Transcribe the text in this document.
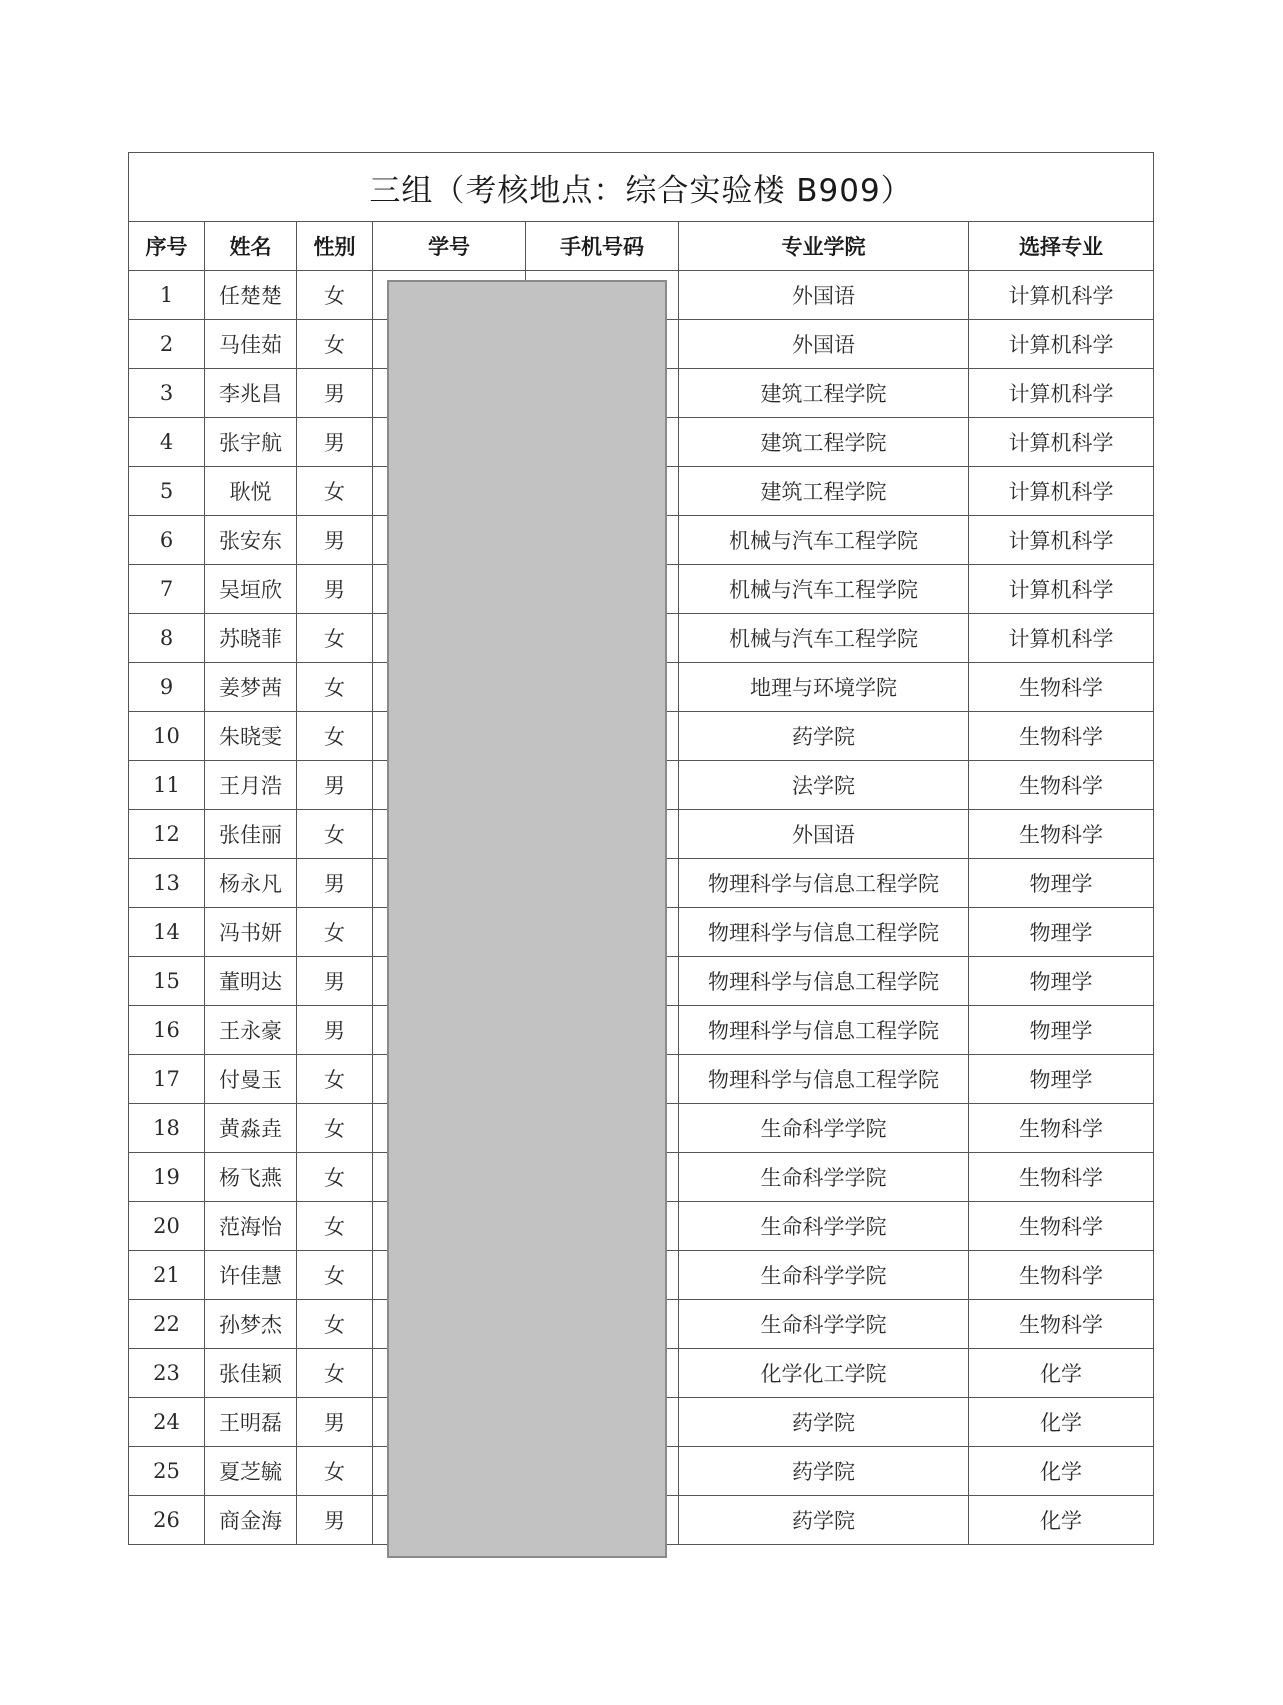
三组（考核地点：综合实验楼 B909）						
序号	姓名	性别	学号	手机号码	专业学院	选择专业
1	任楚楚	女			外国语	计算机科学
2	马佳茹	女			外国语	计算机科学
3	李兆昌	男			建筑工程学院	计算机科学
4	张宇航	男			建筑工程学院	计算机科学
5	耿悦	女			建筑工程学院	计算机科学
6	张安东	男			机械与汽车工程学院	计算机科学
7	吴垣欣	男			机械与汽车工程学院	计算机科学
8	苏晓菲	女			机械与汽车工程学院	计算机科学
9	姜梦茜	女			地理与环境学院	生物科学
10	朱晓雯	女			药学院	生物科学
11	王月浩	男			法学院	生物科学
12	张佳丽	女			外国语	生物科学
13	杨永凡	男			物理科学与信息工程学院	物理学
14	冯书妍	女			物理科学与信息工程学院	物理学
15	董明达	男			物理科学与信息工程学院	物理学
16	王永豪	男			物理科学与信息工程学院	物理学
17	付曼玉	女			物理科学与信息工程学院	物理学
18	黄淼垚	女			生命科学学院	生物科学
19	杨飞燕	女			生命科学学院	生物科学
20	范海怡	女			生命科学学院	生物科学
21	许佳慧	女			生命科学学院	生物科学
22	孙梦杰	女			生命科学学院	生物科学
23	张佳颖	女			化学化工学院	化学
24	王明磊	男			药学院	化学
25	夏芝毓	女			药学院	化学
26	商金海	男			药学院	化学
